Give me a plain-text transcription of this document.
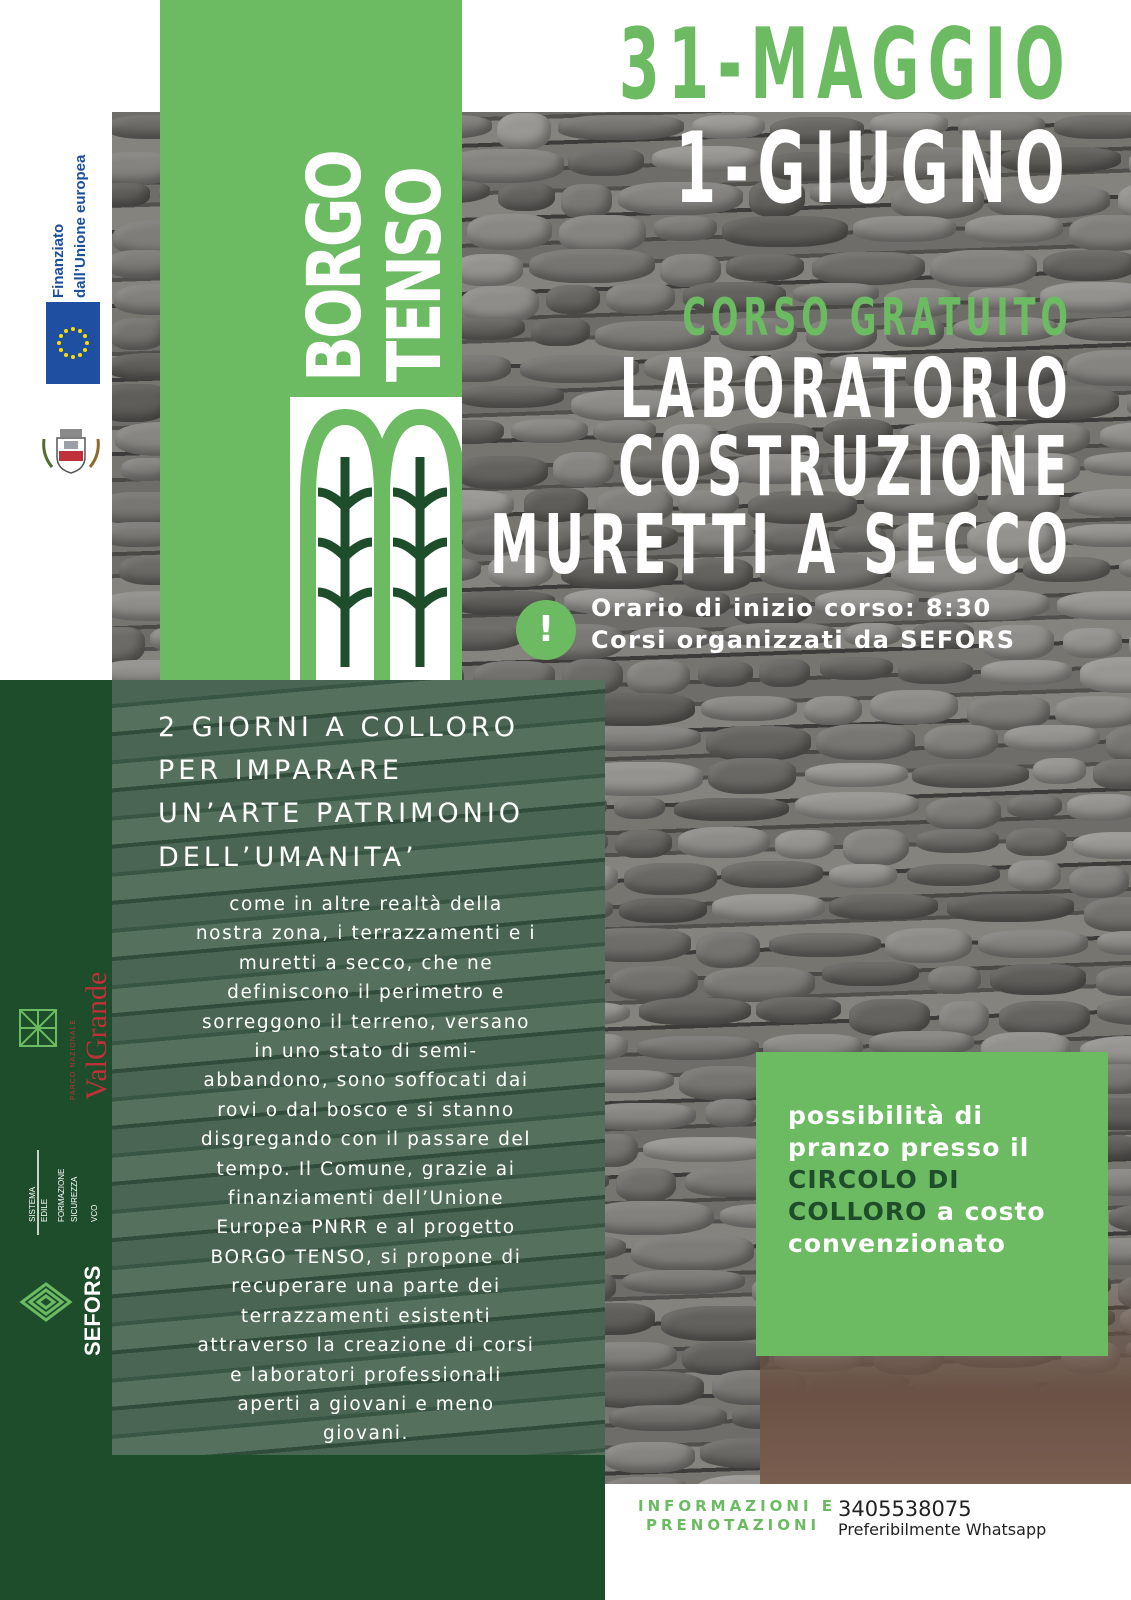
BORGO
TENSO
31-MAGGIO
1-GIUGNO
CORSO GRATUITO
LABORATORIO
COSTRUZIONE
MURETTI A SECCO
!
Orario di inizio corso: 8:30
Corsi organizzati da SEFORS
2 GIORNI A COLLORO
PER IMPARARE
UN’ARTE PATRIMONIO
DELL’UMANITA’
come in altre realtà della
nostra zona, i terrazzamenti e i
muretti a secco, che ne
definiscono il perimetro e
sorreggono il terreno, versano
in uno stato di semi-
abbandono, sono soffocati dai
rovi o dal bosco e si stanno
disgregando con il passare del
tempo. Il Comune, grazie ai
finanziamenti dell’Unione
Europea PNRR e al progetto
BORGO TENSO, si propone di
recuperare una parte dei
terrazzamenti esistenti
attraverso la creazione di corsi
e laboratori professionali
aperti a giovani e meno
giovani.
possibilità di
pranzo presso il
CIRCOLO DI
COLLORO a costo
convenzionato
INFORMAZIONI E
PRENOTAZIONI
3405538075
Preferibilmente Whatsapp
Finanziato dall’Unione europea
PARCO NAZIONALE ValGrande
SEFORS
SISTEMA EDILE FORMAZIONE SICUREZZA VCO
